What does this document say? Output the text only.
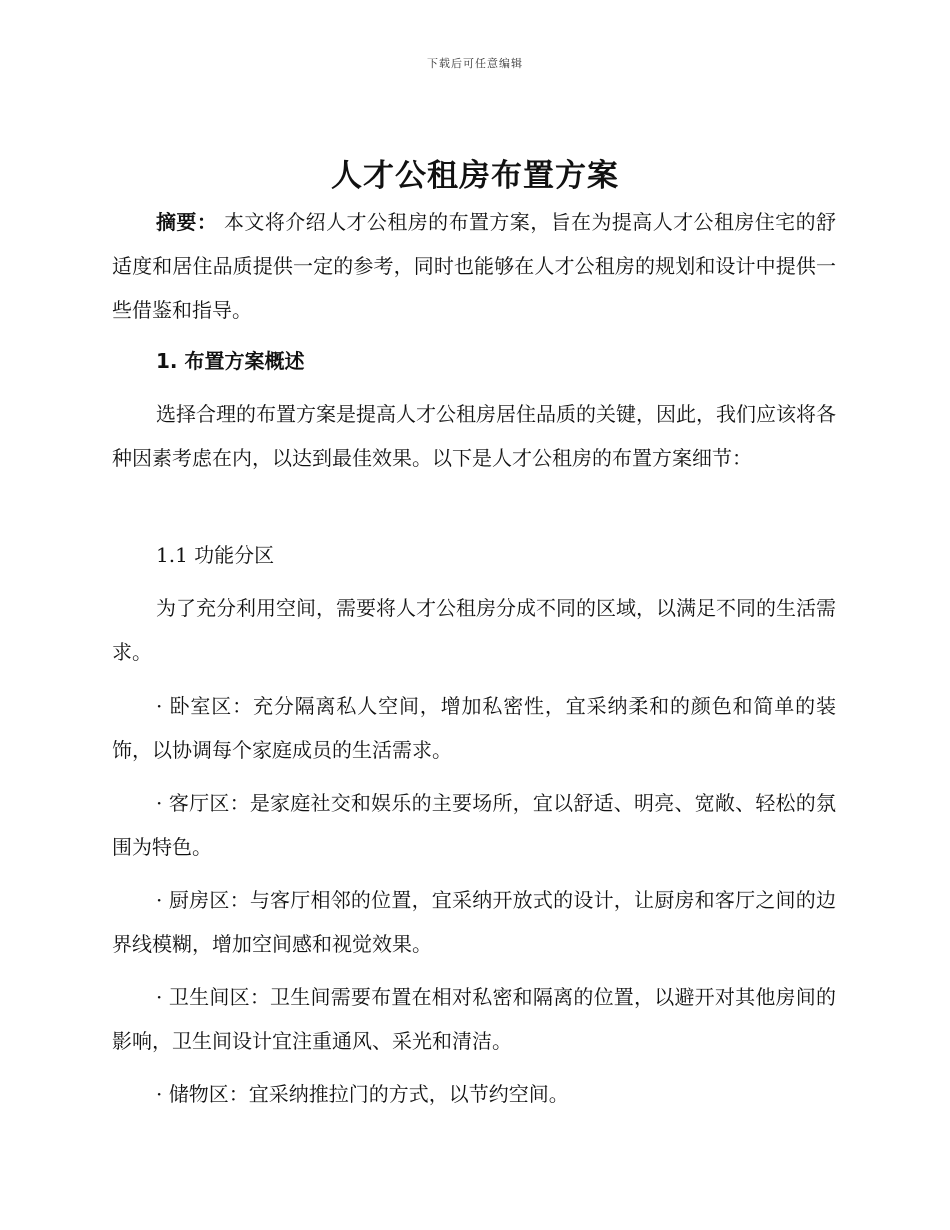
下载后可任意编辑
人才公租房布置方案

摘要： 本文将介绍人才公租房的布置方案，旨在为提高人才公租房住宅的舒适度和居住品质提供一定的参考，同时也能够在人才公租房的规划和设计中提供一些借鉴和指导。

1. 布置方案概述

选择合理的布置方案是提高人才公租房居住品质的关键，因此，我们应该将各种因素考虑在内，以达到最佳效果。以下是人才公租房的布置方案细节：

1.1 功能分区

为了充分利用空间，需要将人才公租房分成不同的区域，以满足不同的生活需求。

· 卧室区：充分隔离私人空间，增加私密性，宜采纳柔和的颜色和简单的装饰，以协调每个家庭成员的生活需求。

· 客厅区：是家庭社交和娱乐的主要场所，宜以舒适、明亮、宽敞、轻松的氛围为特色。

· 厨房区：与客厅相邻的位置，宜采纳开放式的设计，让厨房和客厅之间的边界线模糊，增加空间感和视觉效果。

· 卫生间区：卫生间需要布置在相对私密和隔离的位置，以避开对其他房间的影响，卫生间设计宜注重通风、采光和清洁。

· 储物区：宜采纳推拉门的方式，以节约空间。
